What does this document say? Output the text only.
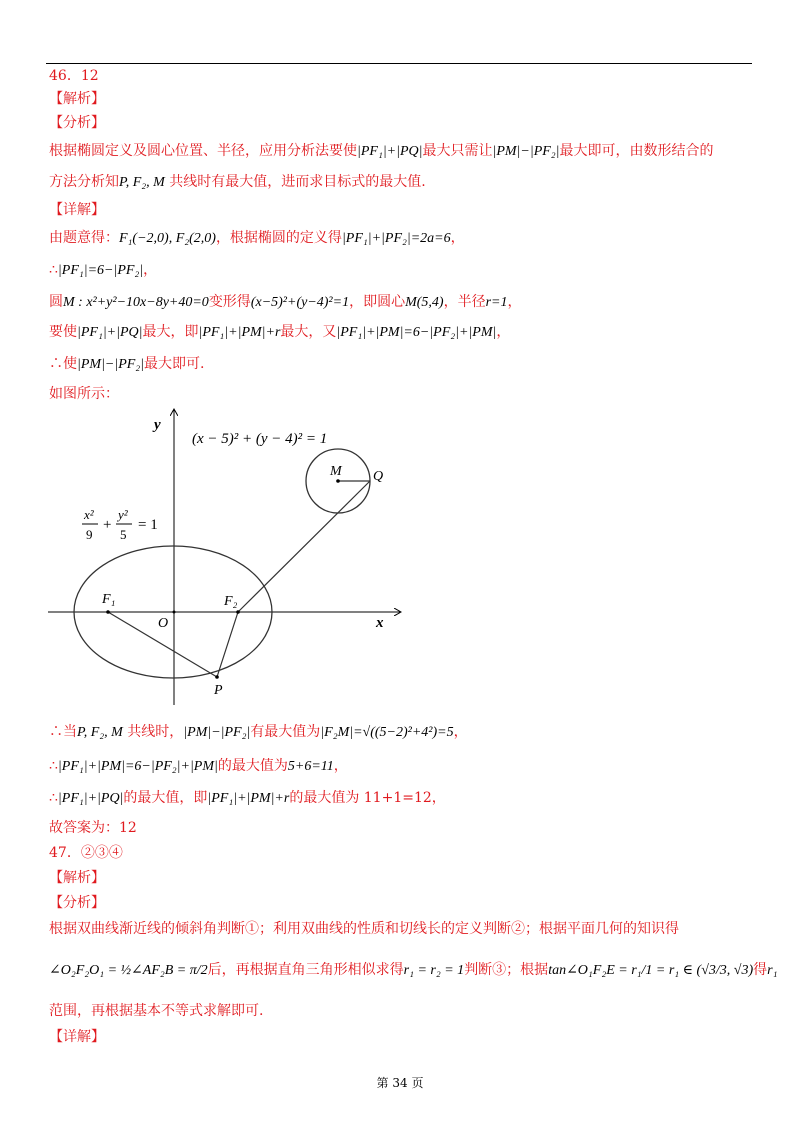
46．12
【解析】
【分析】
根据椭圆定义及圆心位置、半径，应用分析法要使|PF₁|+|PQ|最大只需让|PM|−|PF₂|最大即可，由数形结合的
方法分析知P, F₂, M 共线时有最大值，进而求目标式的最大值.
【详解】
由题意得：F₁(−2,0), F₂(2,0)，根据椭圆的定义得|PF₁|+|PF₂|=2a=6，
∴|PF₁|=6−|PF₂|，
圆M : x²+y²−10x−8y+40=0变形得(x−5)²+(y−4)²=1，即圆心M(5,4)，半径r=1，
要使|PF₁|+|PQ|最大，即|PF₁|+|PM|+r最大，又|PF₁|+|PM|=6−|PF₂|+|PM|，
∴使|PM|−|PF₂|最大即可.
如图所示：
y
x
O
(x − 5)² + (y − 4)² = 1
x²
9
+
y²
5
= 1
F₁	F₂
M Q
P
∴当P, F₂, M 共线时，|PM|−|PF₂|有最大值为|F₂M|=√((5−2)²+4²)=5，
∴|PF₁|+|PM|=6−|PF₂|+|PM|的最大值为5+6=11，
∴|PF₁|+|PQ|的最大值，即|PF₁|+|PM|+r的最大值为 11+1=12，
故答案为：12
47．②③④
【解析】
【分析】
根据双曲线渐近线的倾斜角判断①；利用双曲线的性质和切线长的定义判断②；根据平面几何的知识得
∠O₂F₂O₁ = ½∠AF₂B = π/2后，再根据直角三角形相似求得r₁ = r₂ = 1判断③；根据tan∠O₁F₂E = r₁/1 = r₁ ∈ (√3/3, √3)得r₁
范围，再根据基本不等式求解即可.
【详解】
第 34 页
